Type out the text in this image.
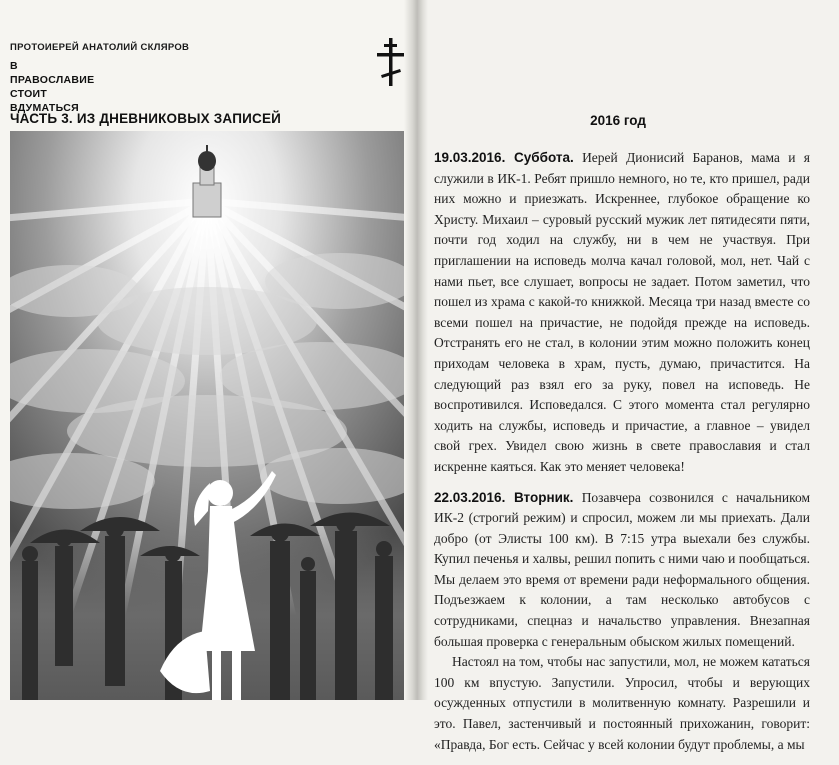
ПРОТОИЕРЕЙ АНАТОЛИЙ СКЛЯРОВ
В
ПРАВОСЛАВИЕ
СТОИТ
ВДУМАТЬСЯ
ЧАСТЬ 3. ИЗ ДНЕВНИКОВЫХ ЗАПИСЕЙ	2016 год

19.03.2016. Суббота. Иерей Дионисий Баранов, мама и я служили в ИК-1. Ребят пришло немного, но те, кто пришел, ради них можно и приезжать. Искреннее, глубокое обращение ко Христу. Михаил – суровый русский мужик лет пятидесяти пяти, почти год ходил на службу, ни в чем не участвуя. При приглашении на исповедь молча качал головой, мол, нет. Чай с нами пьет, все слушает, вопросы не задает. Потом заметил, что пошел из храма с какой-то книжкой. Месяца три назад вместе со всеми пошел на причастие, не подойдя прежде на исповедь. Отстранять его не стал, в колонии этим можно положить конец приходам человека в храм, пусть, думаю, причастится. На следующий раз взял его за руку, повел на исповедь. Не воспротивился. Исповедался. С этого момента стал регулярно ходить на службы, исповедь и причастие, а главное – увидел свой грех. Увидел свою жизнь в свете православия и стал искренне каяться. Как это меняет человека!

22.03.2016. Вторник. Позавчера созвонился с начальником ИК-2 (строгий режим) и спросил, можем ли мы приехать. Дали добро (от Элисты 100 км). В 7:15 утра выехали без службы. Купил печенья и халвы, решил попить с ними чаю и пообщаться. Мы делаем это время от времени ради неформального общения. Подъезжаем к колонии, а там несколько автобусов с сотрудниками, спецназ и начальство управления. Внезапная большая проверка с генеральным обыском жилых помещений.

Настоял на том, чтобы нас запустили, мол, не можем кататься 100 км впустую. Запустили. Упросил, чтобы и верующих осужденных отпустили в молитвенную комнату. Разрешили и это. Павел, застенчивый и постоянный прихожанин, говорит: «Правда, Бог есть. Сейчас у всей колонии будут проблемы, а мы
